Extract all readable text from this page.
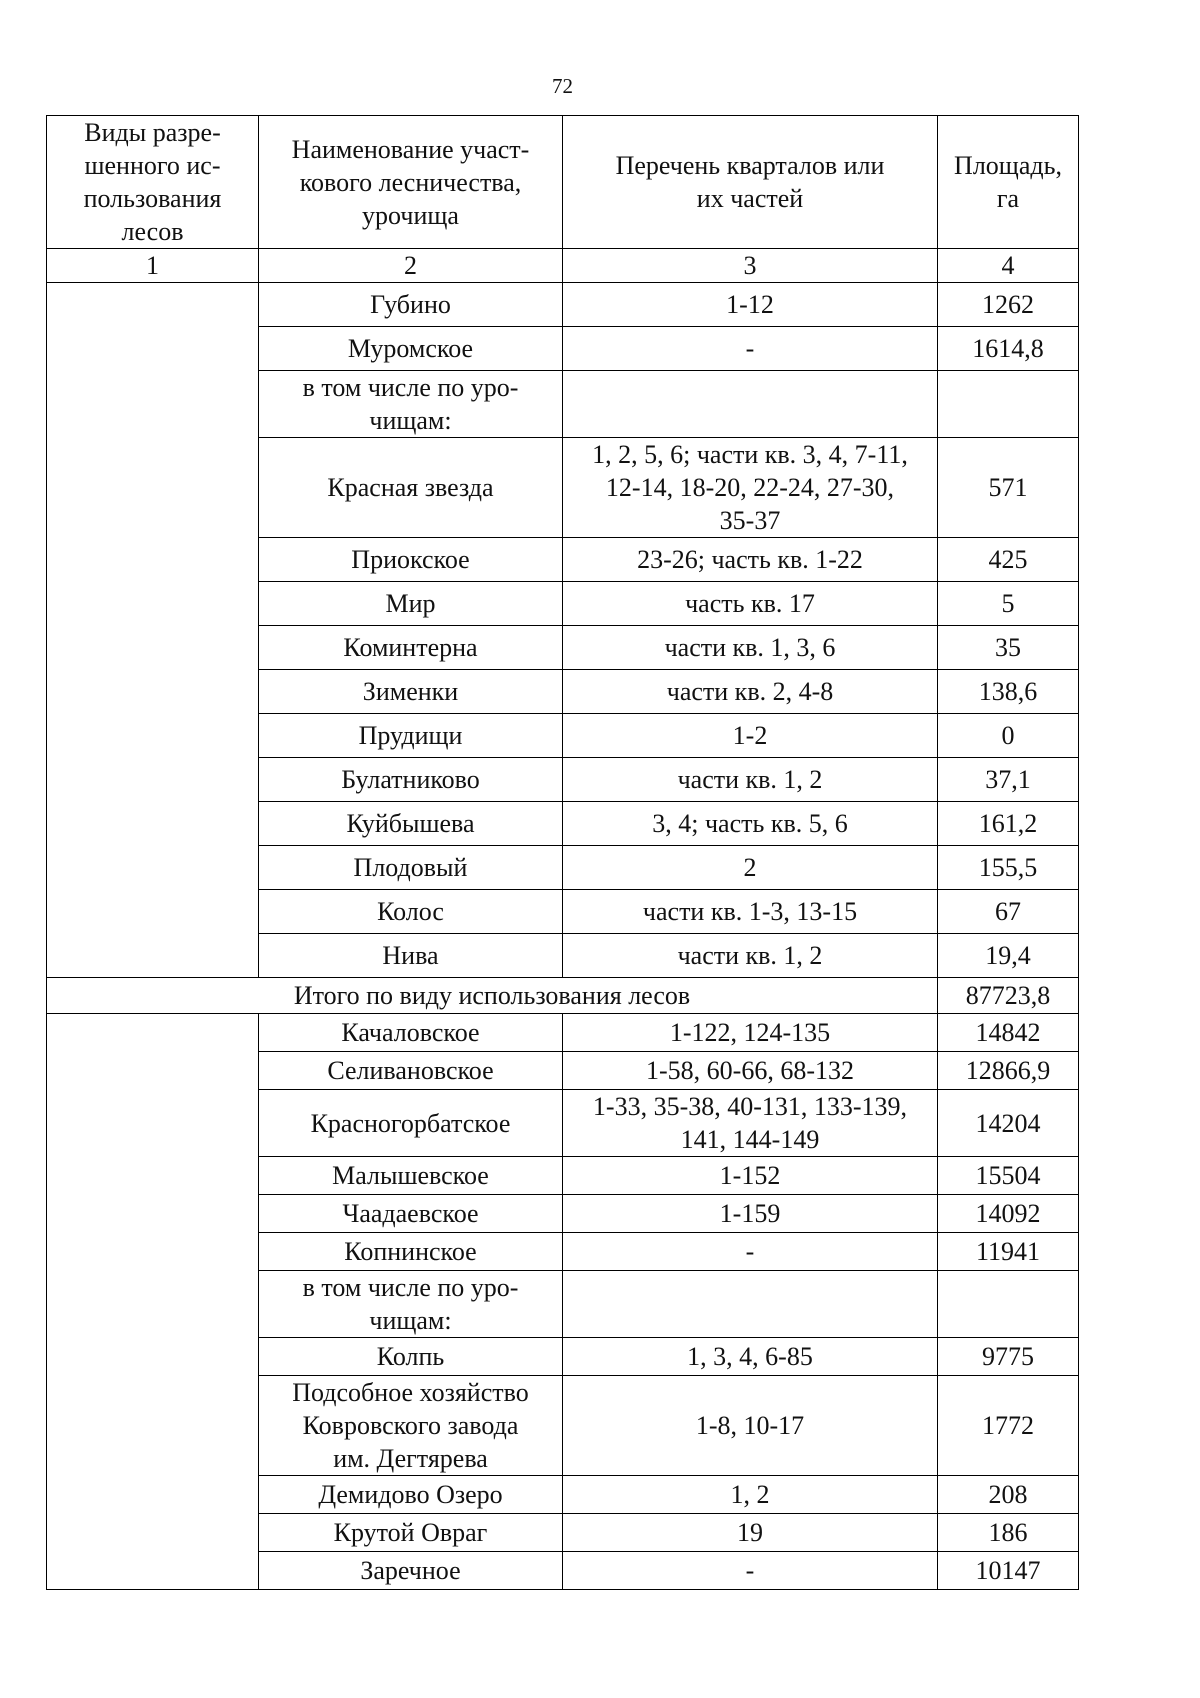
72
Виды разре-
шенного ис-
пользования
лесов	Наименование участ-
кового лесничества,
урочища	Перечень кварталов или
их частей	Площадь,
га
1	2	3	4
	Губино	1-12	1262
	Муромское	-	1614,8
	в том числе по уро-
чищам:		
	Красная звезда	1, 2, 5, 6; части кв. 3, 4, 7-11,
12-14, 18-20, 22-24, 27-30,
35-37	571
	Приокское	23-26; часть кв. 1-22	425
	Мир	часть кв. 17	5
	Коминтерна	части кв. 1, 3, 6	35
	Зименки	части кв. 2, 4-8	138,6
	Прудищи	1-2	0
	Булатниково	части кв. 1, 2	37,1
	Куйбышева	3, 4; часть кв. 5, 6	161,2
	Плодовый	2	155,5
	Колос	части кв. 1-3, 13-15	67
	Нива	части кв. 1, 2	19,4
Итого по виду использования лесов			87723,8
	Качаловское	1-122, 124-135	14842
	Селивановское	1-58, 60-66, 68-132	12866,9
	Красногорбатское	1-33, 35-38, 40-131, 133-139,
141, 144-149	14204
	Малышевское	1-152	15504
	Чаадаевское	1-159	14092
	Копнинское	-	11941
	в том числе по уро-
чищам:		
	Колпь	1, 3, 4, 6-85	9775
	Подсобное хозяйство
Ковровского завода
им. Дегтярева	1-8, 10-17	1772
	Демидово Озеро	1, 2	208
	Крутой Овраг	19	186
	Заречное	-	10147
